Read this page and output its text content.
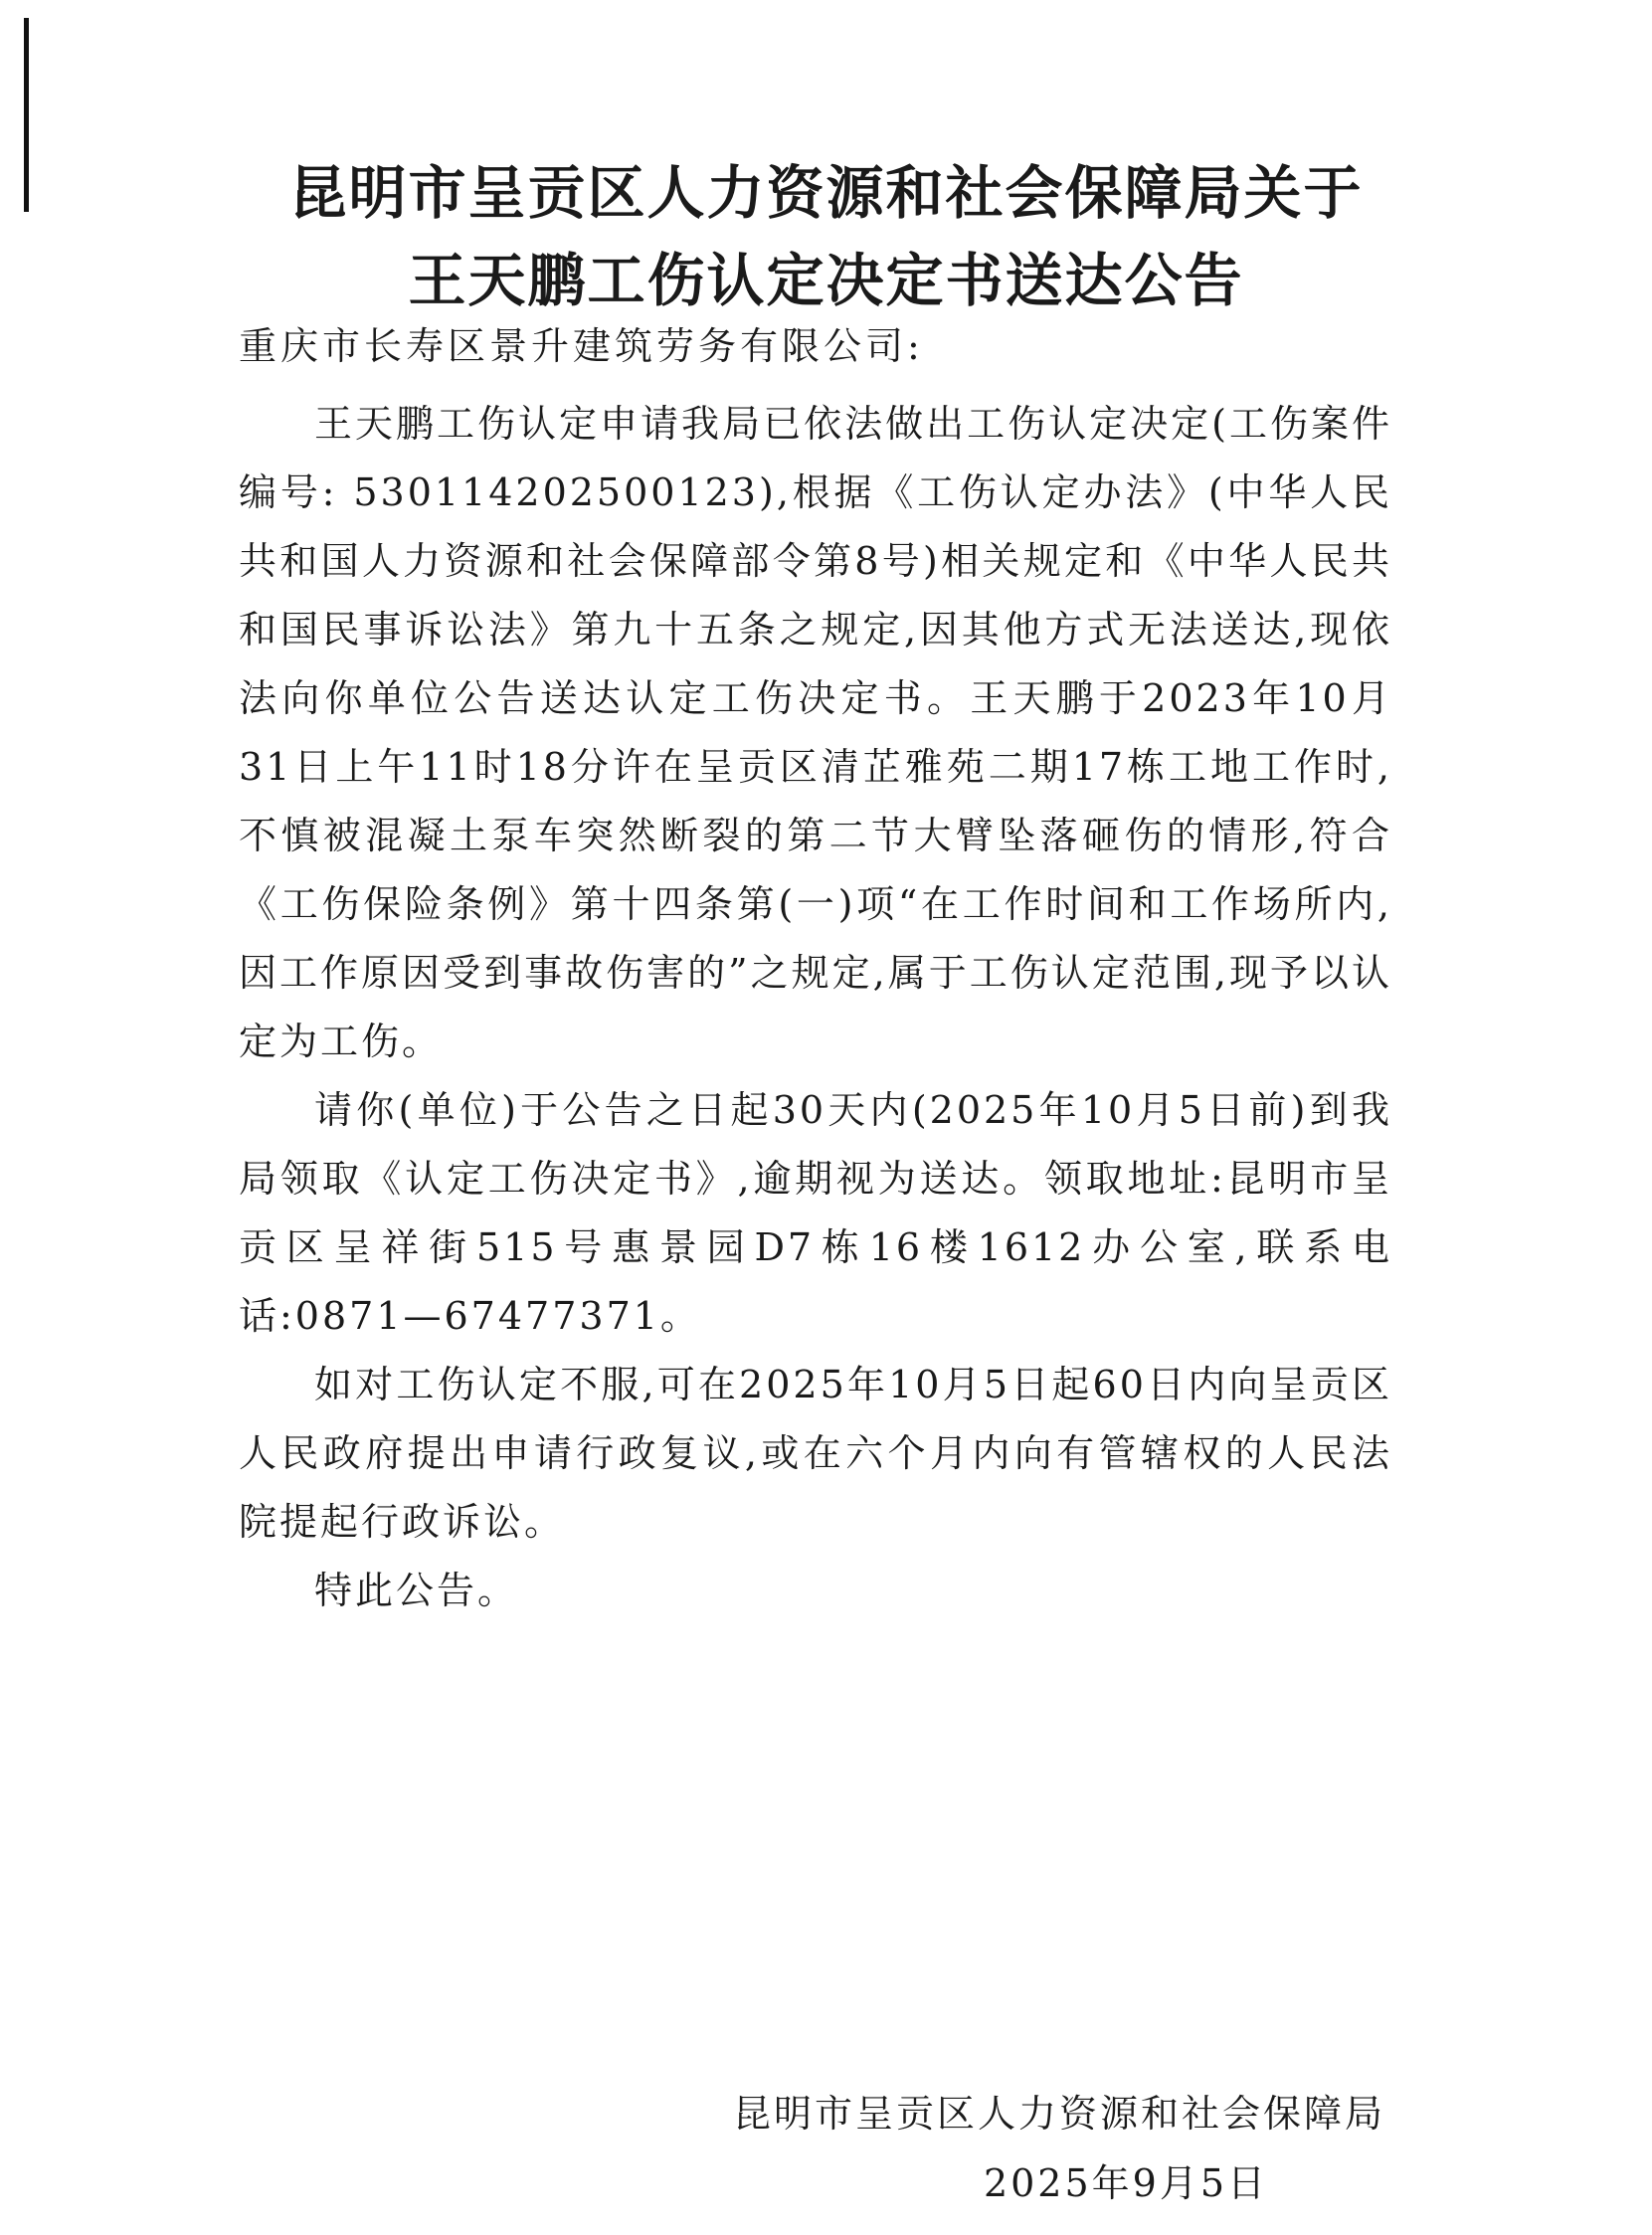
昆明市呈贡区人力资源和社会保障局关于
王天鹏工伤认定决定书送达公告
重庆市长寿区景升建筑劳务有限公司:

王天鹏工伤认定申请我局已依法做出工伤认定决定(工伤案件编号: 530114202500123),根据《工伤认定办法》(中华人民共和国人力资源和社会保障部令第8号)相关规定和《中华人民共和国民事诉讼法》第九十五条之规定,因其他方式无法送达,现依法向你单位公告送达认定工伤决定书。王天鹏于2023年10月31日上午11时18分许在呈贡区清芷雅苑二期17栋工地工作时,不慎被混凝土泵车突然断裂的第二节大臂坠落砸伤的情形,符合《工伤保险条例》第十四条第(一)项“在工作时间和工作场所内,因工作原因受到事故伤害的”之规定,属于工伤认定范围,现予以认定为工伤。

请你(单位)于公告之日起30天内(2025年10月5日前)到我局领取《认定工伤决定书》,逾期视为送达。领取地址:昆明市呈贡区呈祥街515号惠景园D7栋16楼1612办公室,联系电话:0871—67477371。

如对工伤认定不服,可在2025年10月5日起60日内向呈贡区人民政府提出申请行政复议,或在六个月内向有管辖权的人民法院提起行政诉讼。

特此公告。

昆明市呈贡区人力资源和社会保障局
2025年9月5日
